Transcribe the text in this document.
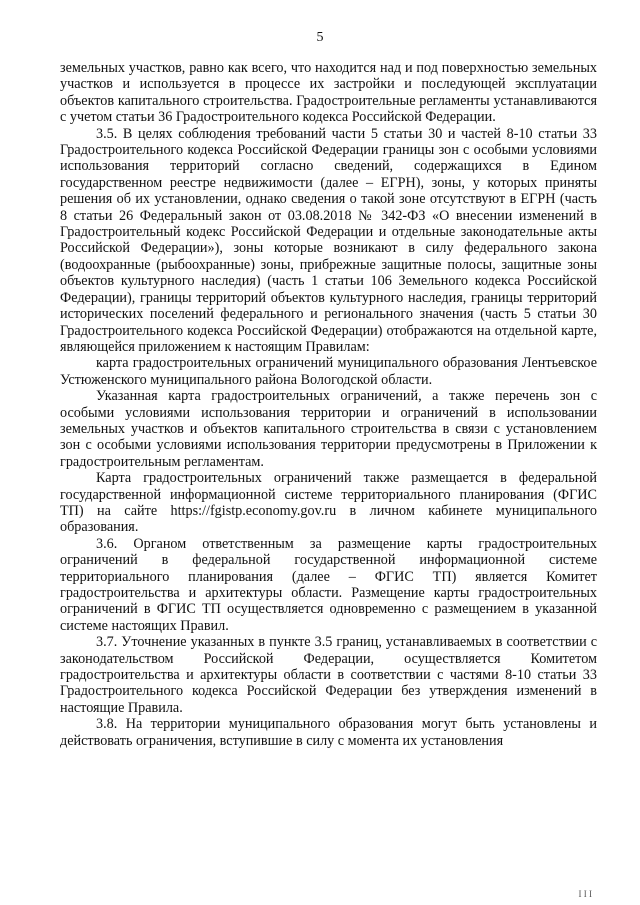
5

земельных участков, равно как всего, что находится над и под поверхностью земельных участков и используется в процессе их застройки и последующей эксплуатации объектов капитального строительства. Градостроительные регламенты устанавливаются с учетом статьи 36 Градостроительного кодекса Российской Федерации.

3.5. В целях соблюдения требований части 5 статьи 30 и частей 8-10 статьи 33 Градостроительного кодекса Российской Федерации границы зон с особыми условиями использования территорий согласно сведений, содержащихся в Едином государственном реестре недвижимости (далее – ЕГРН), зоны, у которых приняты решения об их установлении, однако сведения о такой зоне отсутствуют в ЕГРН (часть 8 статьи 26 Федеральный закон от 03.08.2018 № 342-ФЗ «О внесении изменений в Градостроительный кодекс Российской Федерации и отдельные законодательные акты Российской Федерации»), зоны которые возникают в силу федерального закона (водоохранные (рыбоохранные) зоны, прибрежные защитные полосы, защитные зоны объектов культурного наследия) (часть 1 статьи 106 Земельного кодекса Российской Федерации), границы территорий объектов культурного наследия, границы территорий исторических поселений федерального и регионального значения (часть 5 статьи 30 Градостроительного кодекса Российской Федерации) отображаются на отдельной карте, являющейся приложением к настоящим Правилам:

карта градостроительных ограничений муниципального образования Лентьевское Устюженского муниципального района Вологодской области.

Указанная карта градостроительных ограничений, а также перечень зон с особыми условиями использования территории и ограничений в использовании земельных участков и объектов капитального строительства в связи с установлением зон с особыми условиями использования территории предусмотрены в Приложении к градостроительным регламентам.

Карта градостроительных ограничений также размещается в федеральной государственной информационной системе территориального планирования (ФГИС ТП) на сайте https://fgistp.economy.gov.ru в личном кабинете муниципального образования.

3.6. Органом ответственным за размещение карты градостроительных ограничений в федеральной государственной информационной системе территориального планирования (далее – ФГИС ТП) является Комитет градостроительства и архитектуры области. Размещение карты градостроительных ограничений в ФГИС ТП осуществляется одновременно с размещением в указанной системе настоящих Правил.

3.7. Уточнение указанных в пункте 3.5 границ, устанавливаемых в соответствии с законодательством Российской Федерации, осуществляется Комитетом градостроительства и архитектуры области в соответствии с частями 8-10 статьи 33 Градостроительного кодекса Российской Федерации без утверждения изменений в настоящие Правила.

3.8. На территории муниципального образования могут быть установлены и действовать ограничения, вступившие в силу с момента их установления

I I I
